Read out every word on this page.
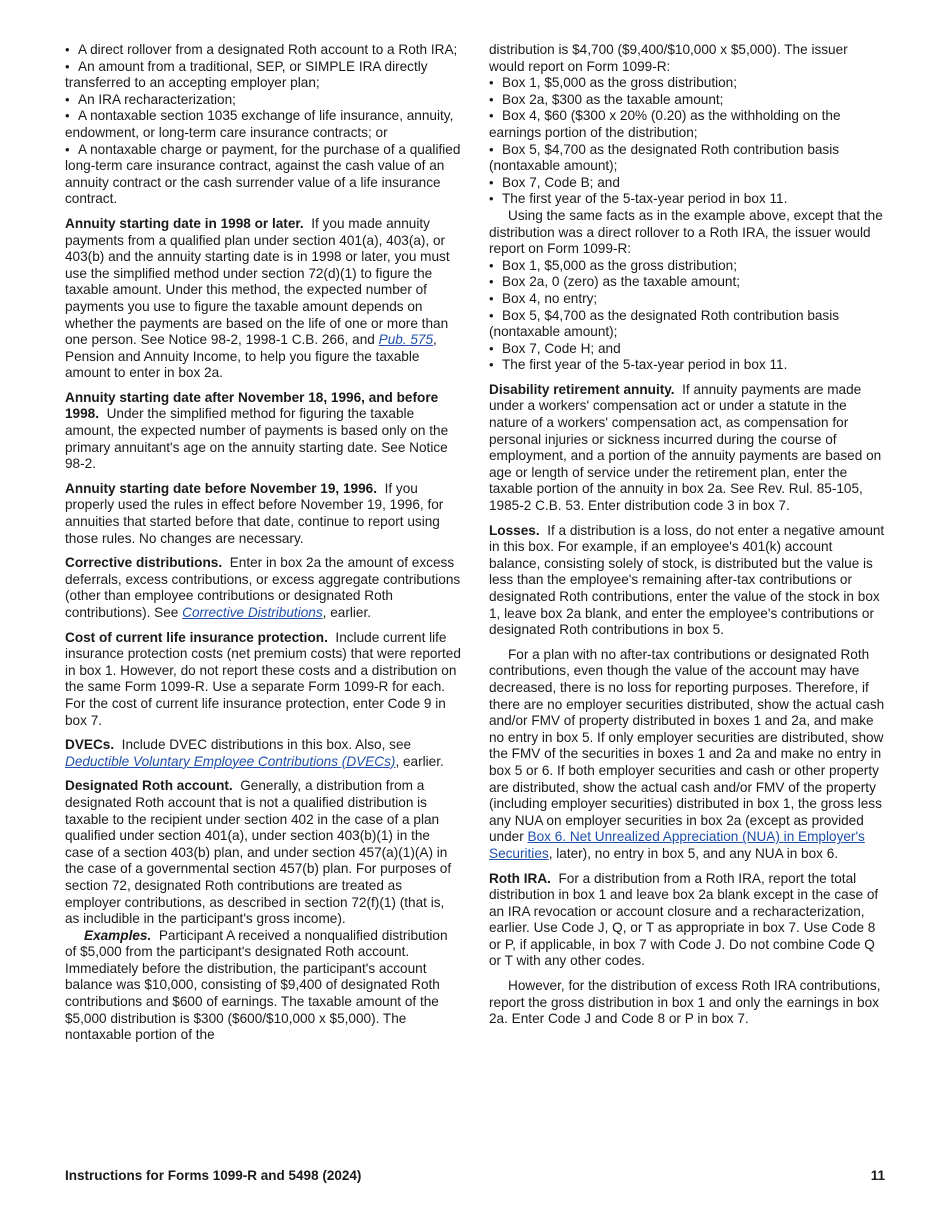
• A direct rollover from a designated Roth account to a Roth IRA;

• An amount from a traditional, SEP, or SIMPLE IRA directly transferred to an accepting employer plan;

• An IRA recharacterization;

• A nontaxable section 1035 exchange of life insurance, annuity, endowment, or long-term care insurance contracts; or

• A nontaxable charge or payment, for the purchase of a qualified long-term care insurance contract, against the cash value of an annuity contract or the cash surrender value of a life insurance contract.

Annuity starting date in 1998 or later. If you made annuity payments from a qualified plan under section 401(a), 403(a), or 403(b) and the annuity starting date is in 1998 or later, you must use the simplified method under section 72(d)(1) to figure the taxable amount. Under this method, the expected number of payments you use to figure the taxable amount depends on whether the payments are based on the life of one or more than one person. See Notice 98-2, 1998-1 C.B. 266, and Pub. 575, Pension and Annuity Income, to help you figure the taxable amount to enter in box 2a.

Annuity starting date after November 18, 1996, and before 1998. Under the simplified method for figuring the taxable amount, the expected number of payments is based only on the primary annuitant's age on the annuity starting date. See Notice 98-2.

Annuity starting date before November 19, 1996. If you properly used the rules in effect before November 19, 1996, for annuities that started before that date, continue to report using those rules. No changes are necessary.

Corrective distributions. Enter in box 2a the amount of excess deferrals, excess contributions, or excess aggregate contributions (other than employee contributions or designated Roth contributions). See Corrective Distributions, earlier.

Cost of current life insurance protection. Include current life insurance protection costs (net premium costs) that were reported in box 1. However, do not report these costs and a distribution on the same Form 1099-R. Use a separate Form 1099-R for each. For the cost of current life insurance protection, enter Code 9 in box 7.

DVECs. Include DVEC distributions in this box. Also, see Deductible Voluntary Employee Contributions (DVECs), earlier.

Designated Roth account. Generally, a distribution from a designated Roth account that is not a qualified distribution is taxable to the recipient under section 402 in the case of a plan qualified under section 401(a), under section 403(b)(1) in the case of a section 403(b) plan, and under section 457(a)(1)(A) in the case of a governmental section 457(b) plan. For purposes of section 72, designated Roth contributions are treated as employer contributions, as described in section 72(f)(1) (that is, as includible in the participant's gross income).

Examples. Participant A received a nonqualified distribution of $5,000 from the participant's designated Roth account. Immediately before the distribution, the participant's account balance was $10,000, consisting of $9,400 of designated Roth contributions and $600 of earnings. The taxable amount of the $5,000 distribution is $300 ($600/$10,000 x $5,000). The nontaxable portion of the

distribution is $4,700 ($9,400/$10,000 x $5,000). The issuer would report on Form 1099-R:

• Box 1, $5,000 as the gross distribution;

• Box 2a, $300 as the taxable amount;

• Box 4, $60 ($300 x 20% (0.20) as the withholding on the earnings portion of the distribution;

• Box 5, $4,700 as the designated Roth contribution basis (nontaxable amount);

• Box 7, Code B; and

• The first year of the 5-tax-year period in box 11.

Using the same facts as in the example above, except that the distribution was a direct rollover to a Roth IRA, the issuer would report on Form 1099-R:

• Box 1, $5,000 as the gross distribution;

• Box 2a, 0 (zero) as the taxable amount;

• Box 4, no entry;

• Box 5, $4,700 as the designated Roth contribution basis (nontaxable amount);

• Box 7, Code H; and

• The first year of the 5-tax-year period in box 11.

Disability retirement annuity. If annuity payments are made under a workers' compensation act or under a statute in the nature of a workers' compensation act, as compensation for personal injuries or sickness incurred during the course of employment, and a portion of the annuity payments are based on age or length of service under the retirement plan, enter the taxable portion of the annuity in box 2a. See Rev. Rul. 85-105, 1985-2 C.B. 53. Enter distribution code 3 in box 7.

Losses. If a distribution is a loss, do not enter a negative amount in this box. For example, if an employee's 401(k) account balance, consisting solely of stock, is distributed but the value is less than the employee's remaining after-tax contributions or designated Roth contributions, enter the value of the stock in box 1, leave box 2a blank, and enter the employee's contributions or designated Roth contributions in box 5.

For a plan with no after-tax contributions or designated Roth contributions, even though the value of the account may have decreased, there is no loss for reporting purposes. Therefore, if there are no employer securities distributed, show the actual cash and/or FMV of property distributed in boxes 1 and 2a, and make no entry in box 5. If only employer securities are distributed, show the FMV of the securities in boxes 1 and 2a and make no entry in box 5 or 6. If both employer securities and cash or other property are distributed, show the actual cash and/or FMV of the property (including employer securities) distributed in box 1, the gross less any NUA on employer securities in box 2a (except as provided under Box 6. Net Unrealized Appreciation (NUA) in Employer's Securities, later), no entry in box 5, and any NUA in box 6.

Roth IRA. For a distribution from a Roth IRA, report the total distribution in box 1 and leave box 2a blank except in the case of an IRA revocation or account closure and a recharacterization, earlier. Use Code J, Q, or T as appropriate in box 7. Use Code 8 or P, if applicable, in box 7 with Code J. Do not combine Code Q or T with any other codes.

However, for the distribution of excess Roth IRA contributions, report the gross distribution in box 1 and only the earnings in box 2a. Enter Code J and Code 8 or P in box 7.

Instructions for Forms 1099-R and 5498 (2024)	11
